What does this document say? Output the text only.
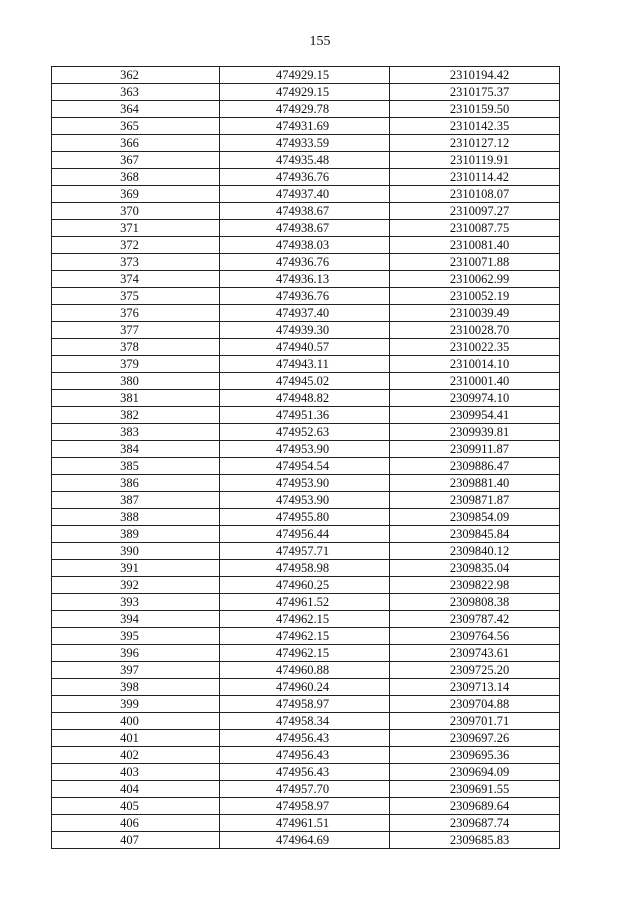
155
362	474929.15	2310194.42
363	474929.15	2310175.37
364	474929.78	2310159.50
365	474931.69	2310142.35
366	474933.59	2310127.12
367	474935.48	2310119.91
368	474936.76	2310114.42
369	474937.40	2310108.07
370	474938.67	2310097.27
371	474938.67	2310087.75
372	474938.03	2310081.40
373	474936.76	2310071.88
374	474936.13	2310062.99
375	474936.76	2310052.19
376	474937.40	2310039.49
377	474939.30	2310028.70
378	474940.57	2310022.35
379	474943.11	2310014.10
380	474945.02	2310001.40
381	474948.82	2309974.10
382	474951.36	2309954.41
383	474952.63	2309939.81
384	474953.90	2309911.87
385	474954.54	2309886.47
386	474953.90	2309881.40
387	474953.90	2309871.87
388	474955.80	2309854.09
389	474956.44	2309845.84
390	474957.71	2309840.12
391	474958.98	2309835.04
392	474960.25	2309822.98
393	474961.52	2309808.38
394	474962.15	2309787.42
395	474962.15	2309764.56
396	474962.15	2309743.61
397	474960.88	2309725.20
398	474960.24	2309713.14
399	474958.97	2309704.88
400	474958.34	2309701.71
401	474956.43	2309697.26
402	474956.43	2309695.36
403	474956.43	2309694.09
404	474957.70	2309691.55
405	474958.97	2309689.64
406	474961.51	2309687.74
407	474964.69	2309685.83
